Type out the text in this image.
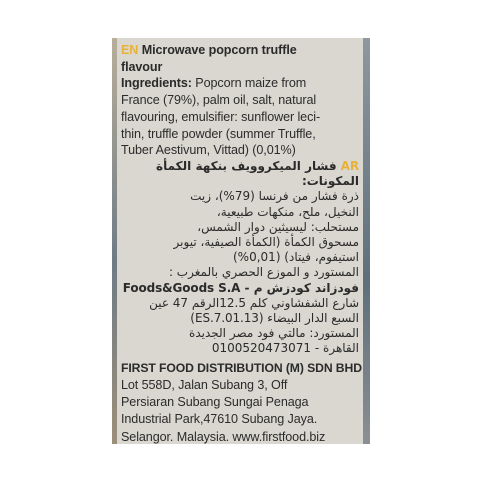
EN Microwave popcorn truffle
flavour
Ingredients: Popcorn maize from
France (79%), palm oil, salt, natural
flavouring, emulsifier: sunflower leci-
thin, truffle powder (summer Truffle,
Tuber Aestivum, Vittad) (0,01%)
AR فشار الميكروويف بنكهة الكمأة
المكونات:
ذرة فشار من فرنسا (79%)، زيت
النخيل، ملح، منكهات طبيعية،
مستحلب: ليسيثين دوار الشمس،
مسحوق الكمأة (الكمأة الصيفية، تيوبر
استيفوم، فيتاد) (0,01%)
المستورد و الموزع الحصري بالمغرب :
فودزاند كودزش م - Foods&Goods S.A
شارع الشفشاوني كلم 12.5الرقم 47 عين
السبع الدار البيضاء (ES.7.01.13)
المستورد: مالتي فود مصر الجديدة
القاهرة - 0100520473071
FIRST FOOD DISTRIBUTION (M) SDN BHD
Lot 558D, Jalan Subang 3, Off
Persiaran Subang Sungai Penaga
Industrial Park,47610 Subang Jaya.
Selangor. Malaysia. www.firstfood.biz
